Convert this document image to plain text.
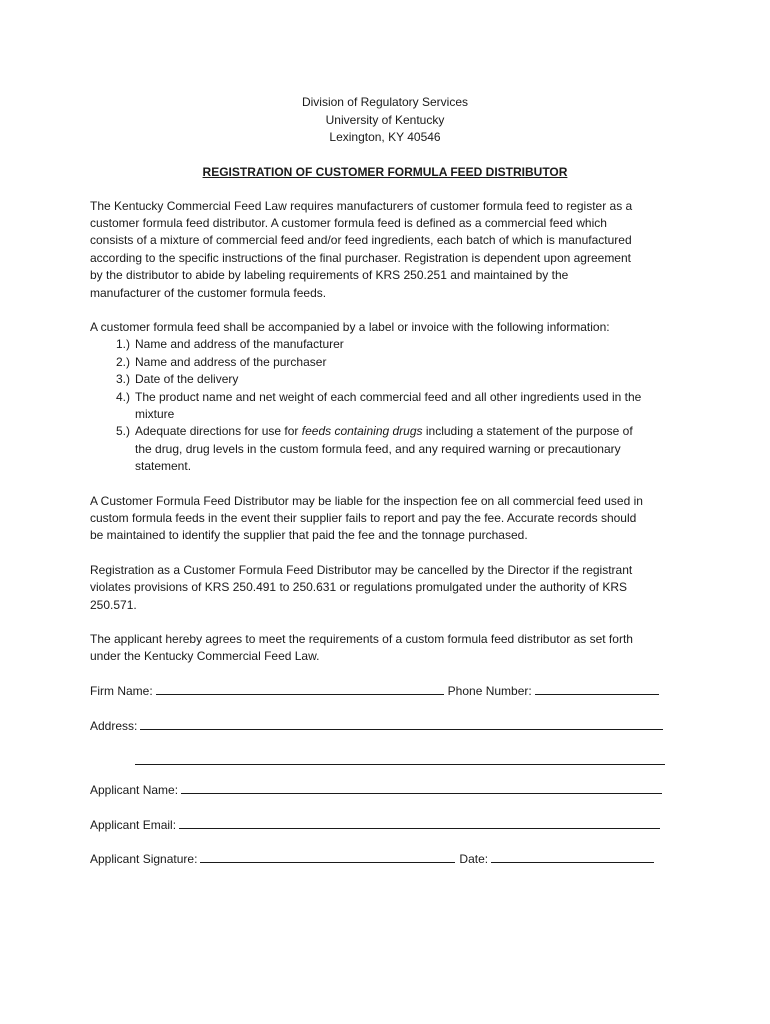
Division of Regulatory Services
University of Kentucky
Lexington, KY 40546
REGISTRATION OF CUSTOMER FORMULA FEED DISTRIBUTOR

The Kentucky Commercial Feed Law requires manufacturers of customer formula feed to register as a

customer formula feed distributor. A customer formula feed is defined as a commercial feed which

consists of a mixture of commercial feed and/or feed ingredients, each batch of which is manufactured

according to the specific instructions of the final purchaser. Registration is dependent upon agreement

by the distributor to abide by labeling requirements of KRS 250.251 and maintained by the

manufacturer of the customer formula feeds.

A customer formula feed shall be accompanied by a label or invoice with the following information:

1.) Name and address of the manufacturer
2.) Name and address of the purchaser
3.) Date of the delivery
4.) The product name and net weight of each commercial feed and all other ingredients used in the
mixture
5.) Adequate directions for use for feeds containing drugs including a statement of the purpose of
the drug, drug levels in the custom formula feed, and any required warning or precautionary
statement.

A Customer Formula Feed Distributor may be liable for the inspection fee on all commercial feed used in

custom formula feeds in the event their supplier fails to report and pay the fee. Accurate records should

be maintained to identify the supplier that paid the fee and the tonnage purchased.

Registration as a Customer Formula Feed Distributor may be cancelled by the Director if the registrant

violates provisions of KRS 250.491 to 250.631 or regulations promulgated under the authority of KRS

250.571.

The applicant hereby agrees to meet the requirements of a custom formula feed distributor as set forth

under the Kentucky Commercial Feed Law.

Firm Name:	Phone Number:
Address:
Applicant Name:
Applicant Email:
Applicant Signature:	Date:
